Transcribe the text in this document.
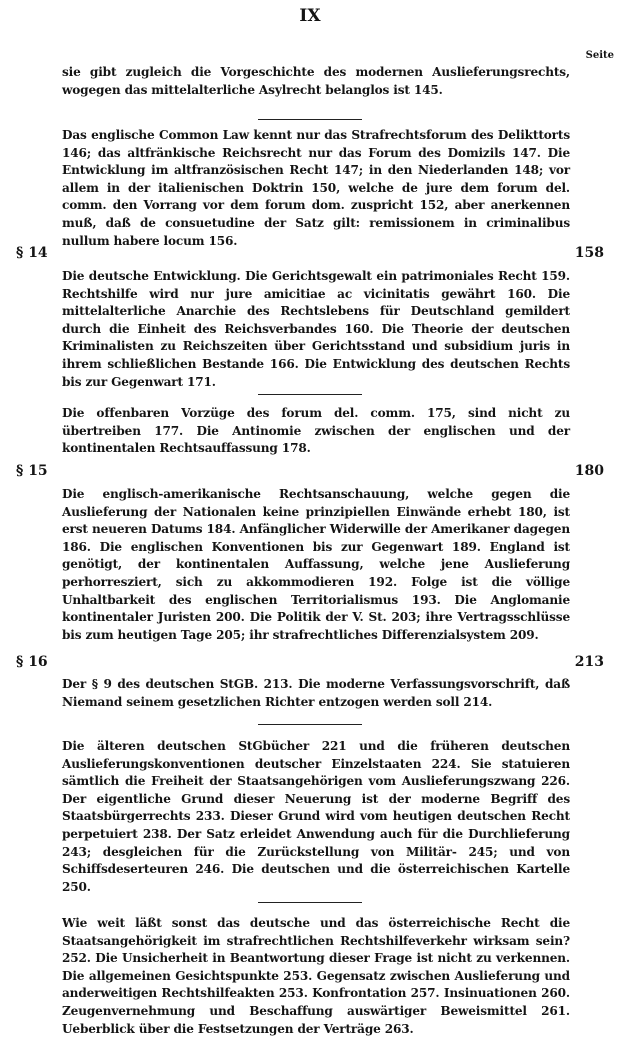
IX
Seite

sie gibt zugleich die Vorgeschichte des modernen Auslieferungsrechts, wogegen das mittelalterliche Asylrecht belanglos ist 145.

Das englische Common Law kennt nur das Strafrechtsforum des Delikttorts 146; das altfränkische Reichsrecht nur das Forum des Domizils 147. Die Entwicklung im altfranzösischen Recht 147; in den Niederlanden 148; vor allem in der italienischen Doktrin 150, welche de jure dem forum del. comm. den Vorrang vor dem forum dom. zuspricht 152, aber anerkennen muß, daß de consuetudine der Satz gilt: remissionem in criminalibus nullum habere locum 156.

§ 14	158

Die deutsche Entwicklung. Die Gerichtsgewalt ein patrimoniales Recht 159. Rechtshilfe wird nur jure amicitiae ac vicinitatis gewährt 160. Die mittelalterliche Anarchie des Rechtslebens für Deutschland gemildert durch die Einheit des Reichsverbandes 160. Die Theorie der deutschen Kriminalisten zu Reichszeiten über Gerichtsstand und subsidium juris in ihrem schließlichen Bestande 166. Die Entwicklung des deutschen Rechts bis zur Gegenwart 171.

Die offenbaren Vorzüge des forum del. comm. 175, sind nicht zu übertreiben 177. Die Antinomie zwischen der englischen und der kontinentalen Rechtsauffassung 178.

§ 15	180

Die englisch-amerikanische Rechtsanschauung, welche gegen die Auslieferung der Nationalen keine prinzipiellen Einwände erhebt 180, ist erst neueren Datums 184. Anfänglicher Widerwille der Amerikaner dagegen 186. Die englischen Konventionen bis zur Gegenwart 189. England ist genötigt, der kontinentalen Auffassung, welche jene Auslieferung perhorresziert, sich zu akkommodieren 192. Folge ist die völlige Unhaltbarkeit des englischen Territorialismus 193. Die Anglomanie kontinentaler Juristen 200. Die Politik der V. St. 203; ihre Vertragsschlüsse bis zum heutigen Tage 205; ihr strafrechtliches Differenzialsystem 209.

§ 16	213

Der § 9 des deutschen StGB. 213. Die moderne Verfassungsvorschrift, daß Niemand seinem gesetzlichen Richter entzogen werden soll 214.

Die älteren deutschen StGbücher 221 und die früheren deutschen Auslieferungskonventionen deutscher Einzelstaaten 224. Sie statuieren sämtlich die Freiheit der Staatsangehörigen vom Auslieferungszwang 226. Der eigentliche Grund dieser Neuerung ist der moderne Begriff des Staatsbürgerrechts 233. Dieser Grund wird vom heutigen deutschen Recht perpetuiert 238. Der Satz erleidet Anwendung auch für die Durchlieferung 243; desgleichen für die Zurückstellung von Militär- 245; und von Schiffsdeserteuren 246. Die deutschen und die österreichischen Kartelle 250.

Wie weit läßt sonst das deutsche und das österreichische Recht die Staatsangehörigkeit im strafrechtlichen Rechtshilfeverkehr wirksam sein? 252. Die Unsicherheit in Beantwortung dieser Frage ist nicht zu verkennen. Die allgemeinen Gesichtspunkte 253. Gegensatz zwischen Auslieferung und anderweitigen Rechtshilfeakten 253. Konfrontation 257. Insinuationen 260. Zeugenvernehmung und Beschaffung auswärtiger Beweismittel 261. Ueberblick über die Festsetzungen der Verträge 263.
